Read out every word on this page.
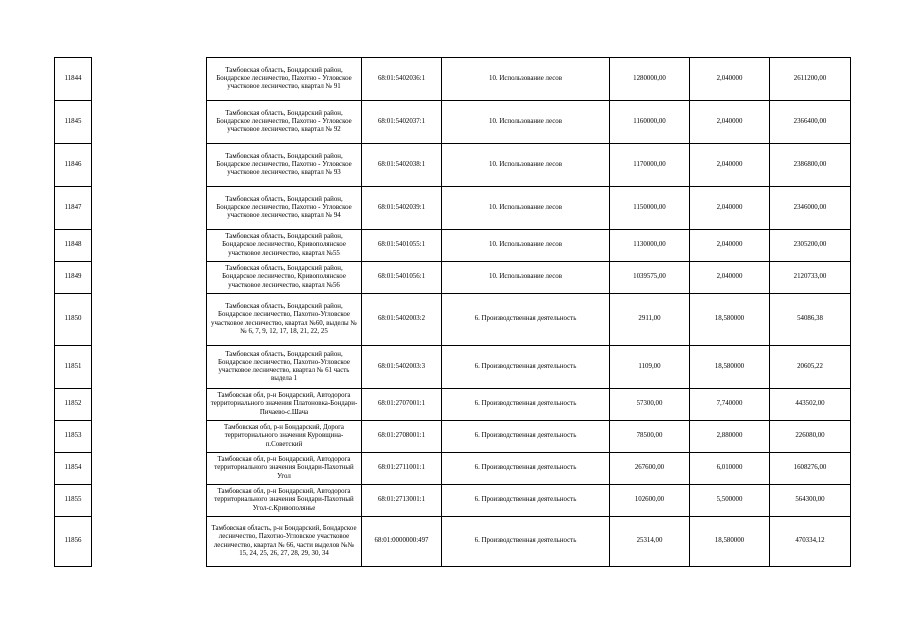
11844		Тамбовская область, Бондарский район, Бондарское лесничество, Пахотно - Угловское участковое лесничество, квартал № 91	68:01:5402036:1	10. Использование лесов	1280000,00	2,040000	2611200,00
11845		Тамбовская область, Бондарский район, Бондарское лесничество, Пахотно - Угловское участковое лесничество, квартал № 92	68:01:5402037:1	10. Использование лесов	1160000,00	2,040000	2366400,00
11846		Тамбовская область, Бондарский район, Бондарское лесничество, Пахотно - Угловское участковое лесничество, квартал № 93	68:01:5402038:1	10. Использование лесов	1170000,00	2,040000	2386800,00
11847		Тамбовская область, Бондарский район, Бондарское лесничество, Пахотно - Угловское участковое лесничество, квартал № 94	68:01:5402039:1	10. Использование лесов	1150000,00	2,040000	2346000,00
11848		Тамбовская область, Бондарский район, Бондарское лесничество, Кривополянское участковое лесничество, квартал №55	68:01:5401055:1	10. Использование лесов	1130000,00	2,040000	2305200,00
11849		Тамбовская область, Бондарский район, Бондарское лесничество, Кривополянское участковое лесничество, квартал №56	68:01:5401056:1	10. Использование лесов	1039575,00	2,040000	2120733,00
11850		Тамбовская область, Бондарский район, Бондарское лесничество, Пахотно-Угловское участковое лесничество, квартал №60, выделы №№ 6, 7, 9, 12, 17, 18, 21, 22, 25	68:01:5402003:2	6. Производственная деятельность	2911,00	18,580000	54086,38
11851		Тамбовская область, Бондарский район, Бондарское лесничество, Пахотно-Угловское участковое лесничество, квартал № 61 часть выдела 1	68:01:5402003:3	6. Производственная деятельность	1109,00	18,580000	20605,22
11852		Тамбовская обл, р-н Бондарский, Автодорога территориального значения Платоновка-Бондари-Пичаево-с.Шача	68:01:2707001:1	6. Производственная деятельность	57300,00	7,740000	443502,00
11853		Тамбовская обл, р-н Бондарский, Дорога территориального значения Куровщина-п.Советский	68:01:2708001:1	6. Производственная деятельность	78500,00	2,880000	226080,00
11854		Тамбовская обл, р-н Бондарский, Автодорога территориального значения Бондари-Пахотный Угол	68:01:2711001:1	6. Производственная деятельность	267600,00	6,010000	1608276,00
11855		Тамбовская обл, р-н Бондарский, Автодорога территориального значения Бондари-Пахотный Угол-с.Кривополянье	68:01:2713001:1	6. Производственная деятельность	102600,00	5,500000	564300,00
11856		Тамбовская область, р-н Бондарский, Бондарское лесничество, Пахотно-Угловское участковое лесничество, квартал № 66, части выделов №№ 15, 24, 25, 26, 27, 28, 29, 30, 34	68:01:0000000:497	6. Производственная деятельность	25314,00	18,580000	470334,12
